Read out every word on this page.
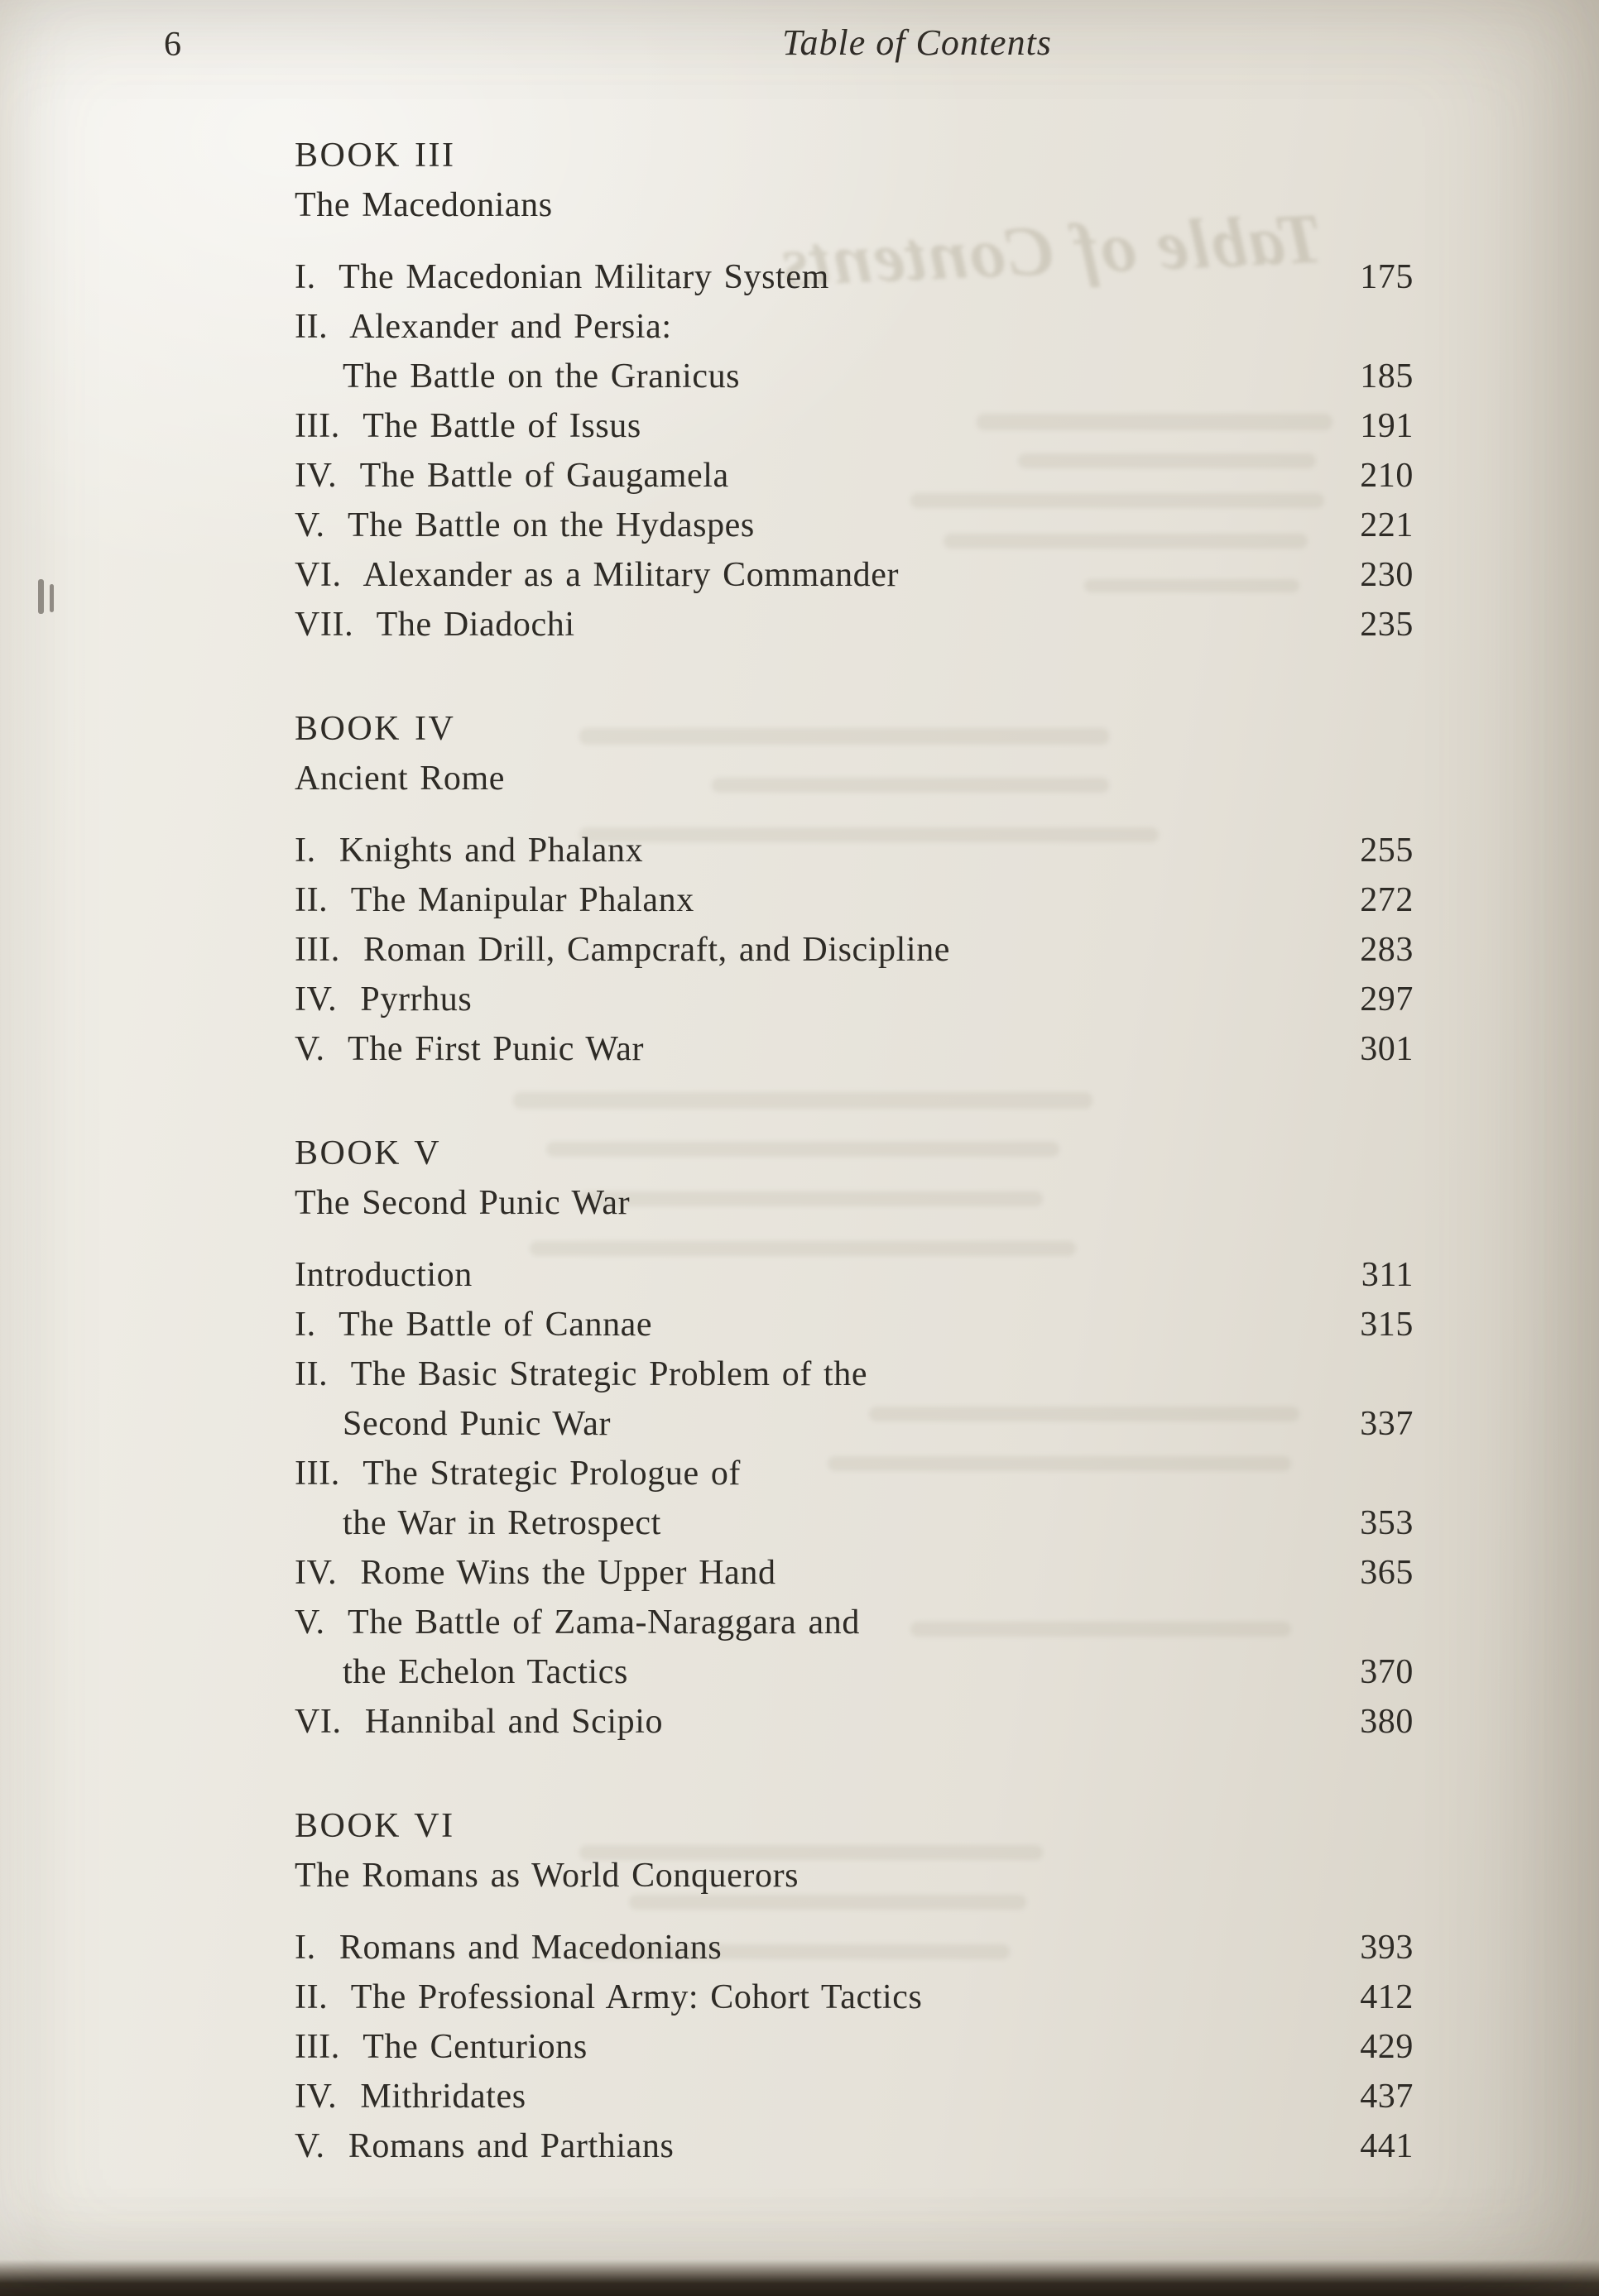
Table of Contents
6	Table of Contents
BOOK III
The Macedonians
I.  The Macedonian Military System	175
II.  Alexander and Persia:
The Battle on the Granicus	185
III.  The Battle of Issus	191
IV.  The Battle of Gaugamela	210
V.  The Battle on the Hydaspes	221
VI.  Alexander as a Military Commander	230
VII.  The Diadochi	235
BOOK IV
Ancient Rome
I.  Knights and Phalanx	255
II.  The Manipular Phalanx	272
III.  Roman Drill, Campcraft, and Discipline	283
IV.  Pyrrhus	297
V.  The First Punic War	301
BOOK V
The Second Punic War
Introduction	311
I.  The Battle of Cannae	315
II.  The Basic Strategic Problem of the
Second Punic War	337
III.  The Strategic Prologue of
the War in Retrospect	353
IV.  Rome Wins the Upper Hand	365
V.  The Battle of Zama-Naraggara and
the Echelon Tactics	370
VI.  Hannibal and Scipio	380
BOOK VI
The Romans as World Conquerors
I.  Romans and Macedonians	393
II.  The Professional Army: Cohort Tactics	412
III.  The Centurions	429
IV.  Mithridates	437
V.  Romans and Parthians	441
